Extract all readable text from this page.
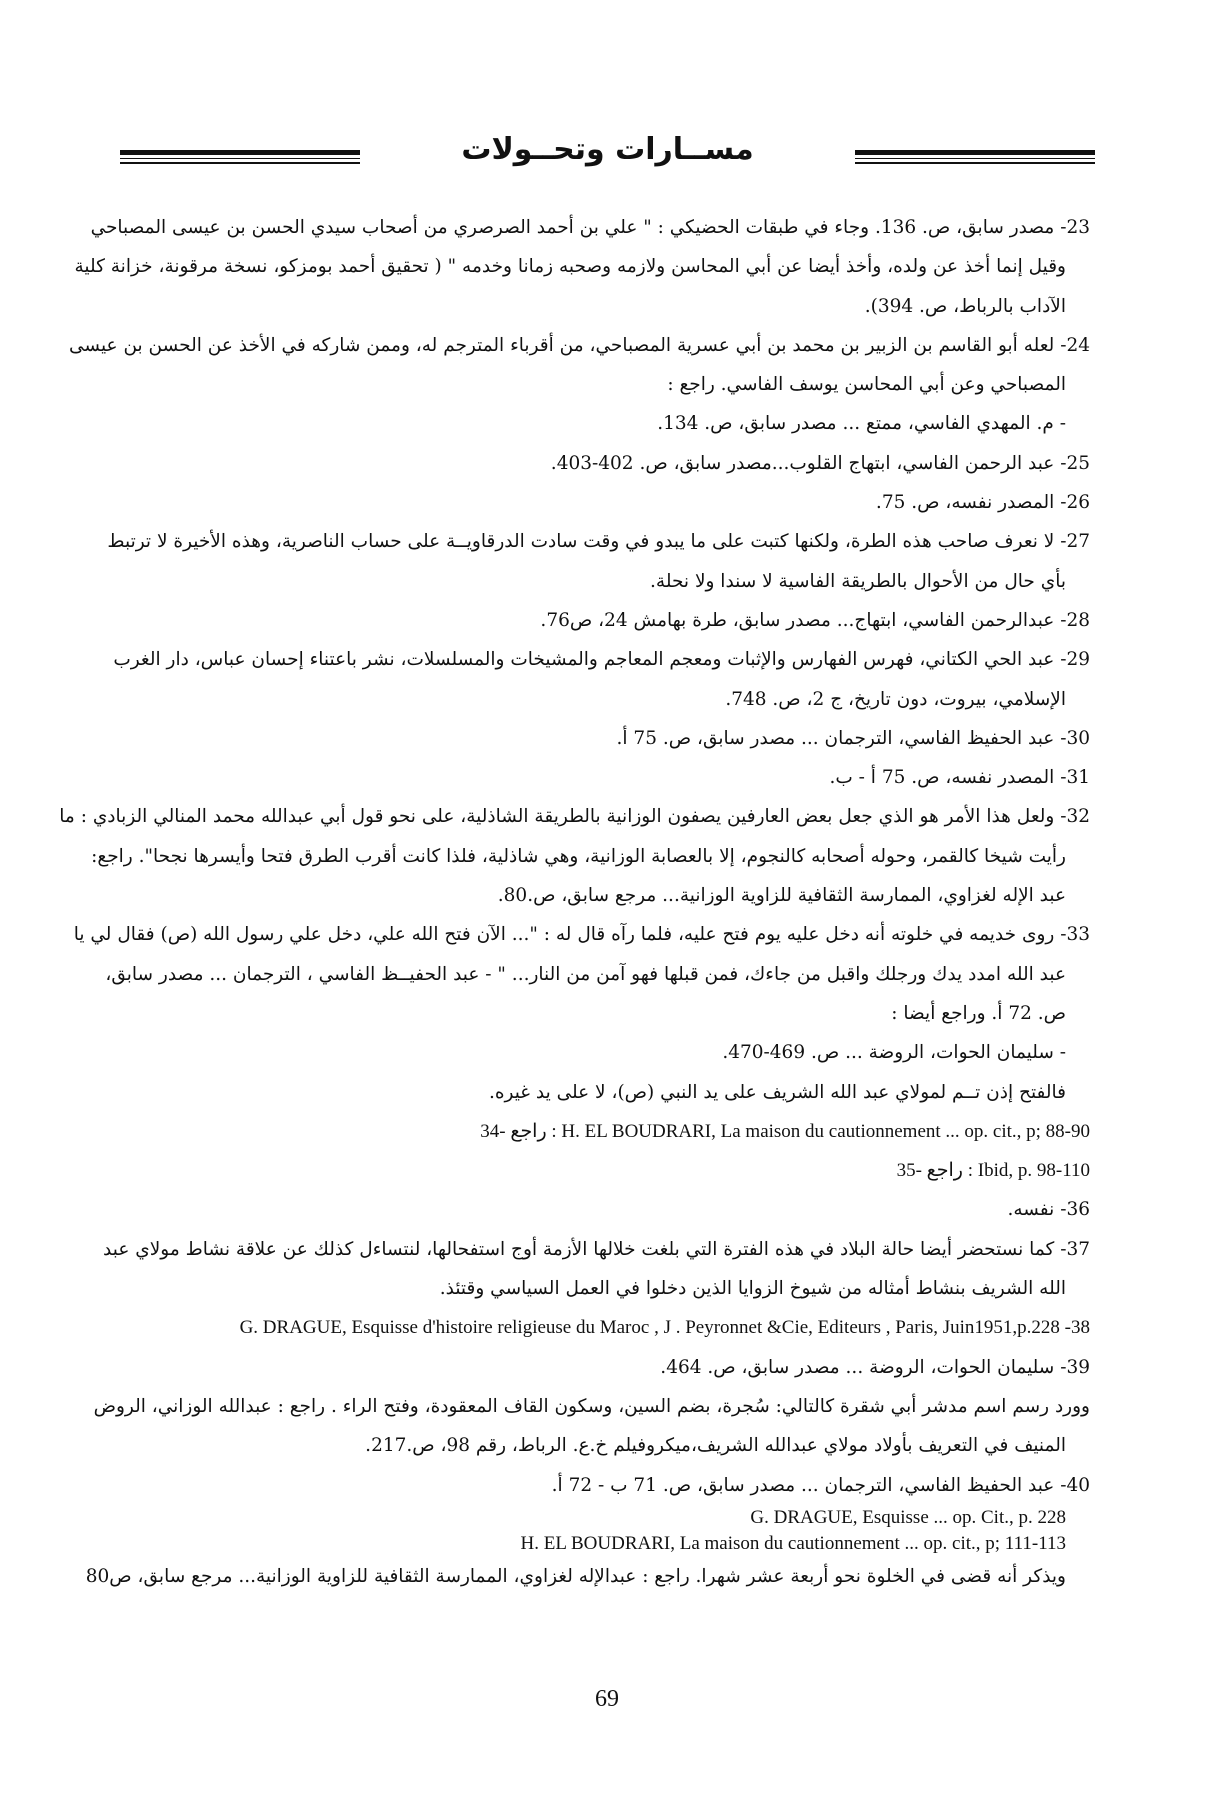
مســارات وتحــولات
23- مصدر سابق، ص. 136. وجاء في طبقات الحضيكي : " علي بن أحمد الصرصري من أصحاب سيدي الحسن بن عيسى المصباحي
وقيل إنما أخذ عن ولده، وأخذ أيضا عن أبي المحاسن ولازمه وصحبه زمانا وخدمه " ( تحقيق أحمد بومزكو، نسخة مرقونة، خزانة كلية
الآداب بالرباط، ص. 394).
24- لعله أبو القاسم بن الزبير بن محمد بن أبي عسرية المصباحي، من أقرباء المترجم له، وممن شاركه في الأخذ عن الحسن بن عيسى
المصباحي وعن أبي المحاسن يوسف الفاسي. راجع :
- م. المهدي الفاسي، ممتع ... مصدر سابق، ص. 134.
25- عبد الرحمن الفاسي، ابتهاج القلوب...مصدر سابق، ص. 402-403.
26- المصدر نفسه، ص. 75.
27- لا نعرف صاحب هذه الطرة، ولكنها كتبت على ما يبدو في وقت سادت الدرقاويــة على حساب الناصرية، وهذه الأخيرة لا ترتبط
بأي حال من الأحوال بالطريقة الفاسية لا سندا ولا نحلة.
28- عبدالرحمن الفاسي، ابتهاج... مصدر سابق، طرة بهامش 24، ص76.
29- عبد الحي الكتاني، فهرس الفهارس والإثبات ومعجم المعاجم والمشيخات والمسلسلات، نشر باعتناء إحسان عباس، دار الغرب
الإسلامي، بيروت، دون تاريخ، ج 2، ص. 748.
30- عبد الحفيظ الفاسي، الترجمان ... مصدر سابق، ص. 75 أ.
31- المصدر نفسه، ص. 75 أ - ب.
32- ولعل هذا الأمر هو الذي جعل بعض العارفين يصفون الوزانية بالطريقة الشاذلية، على نحو قول أبي عبدالله محمد المنالي الزبادي : ما
رأيت شيخا كالقمر، وحوله أصحابه كالنجوم، إلا بالعصابة الوزانية، وهي شاذلية، فلذا كانت أقرب الطرق فتحا وأيسرها نجحا". راجع:
عبد الإله لغزاوي، الممارسة الثقافية للزاوية الوزانية... مرجع سابق، ص.80.
33- روى خديمه في خلوته أنه دخل عليه يوم فتح عليه، فلما رآه قال له : "... الآن فتح الله علي، دخل علي رسول الله (ص) فقال لي يا
عبد الله امدد يدك ورجلك واقبل من جاءك، فمن قبلها فهو آمن من النار... " - عبد الحفيــظ الفاسي ، الترجمان ... مصدر سابق،
ص. 72 أ. وراجع أيضا :
- سليمان الحوات، الروضة ... ص. 469-470.
فالفتح إذن تــم لمولاي عبد الله الشريف على يد النبي (ص)، لا على يد غيره.
34- راجع : H. EL BOUDRARI, La maison du cautionnement ... op. cit., p; 88-90
35- راجع : Ibid, p. 98-110
36- نفسه.
37- كما نستحضر أيضا حالة البلاد في هذه الفترة التي بلغت خلالها الأزمة أوج استفحالها، لنتساءل كذلك عن علاقة نشاط مولاي عبد
الله الشريف بنشاط أمثاله من شيوخ الزوايا الذين دخلوا في العمل السياسي وقتئذ.
G. DRAGUE, Esquisse d'histoire religieuse du Maroc , J . Peyronnet &Cie, Editeurs , Paris, Juin1951,p.228 -38
39- سليمان الحوات، الروضة ... مصدر سابق، ص. 464.
وورد رسم اسم مدشر أبي شقرة كالتالي: سُجرة، بضم السين، وسكون القاف المعقودة، وفتح الراء . راجع : عبدالله الوزاني، الروض
المنيف في التعريف بأولاد مولاي عبدالله الشريف،ميكروفيلم خ.ع. الرباط، رقم 98، ص.217.
40- عبد الحفيظ الفاسي، الترجمان ... مصدر سابق، ص. 71 ب - 72 أ.
G. DRAGUE, Esquisse ... op. Cit., p. 228
H. EL BOUDRARI, La maison du cautionnement ... op. cit., p; 111-113
ويذكر أنه قضى في الخلوة نحو أربعة عشر شهرا. راجع : عبدالإله لغزاوي، الممارسة الثقافية للزاوية الوزانية... مرجع سابق، ص80
69
